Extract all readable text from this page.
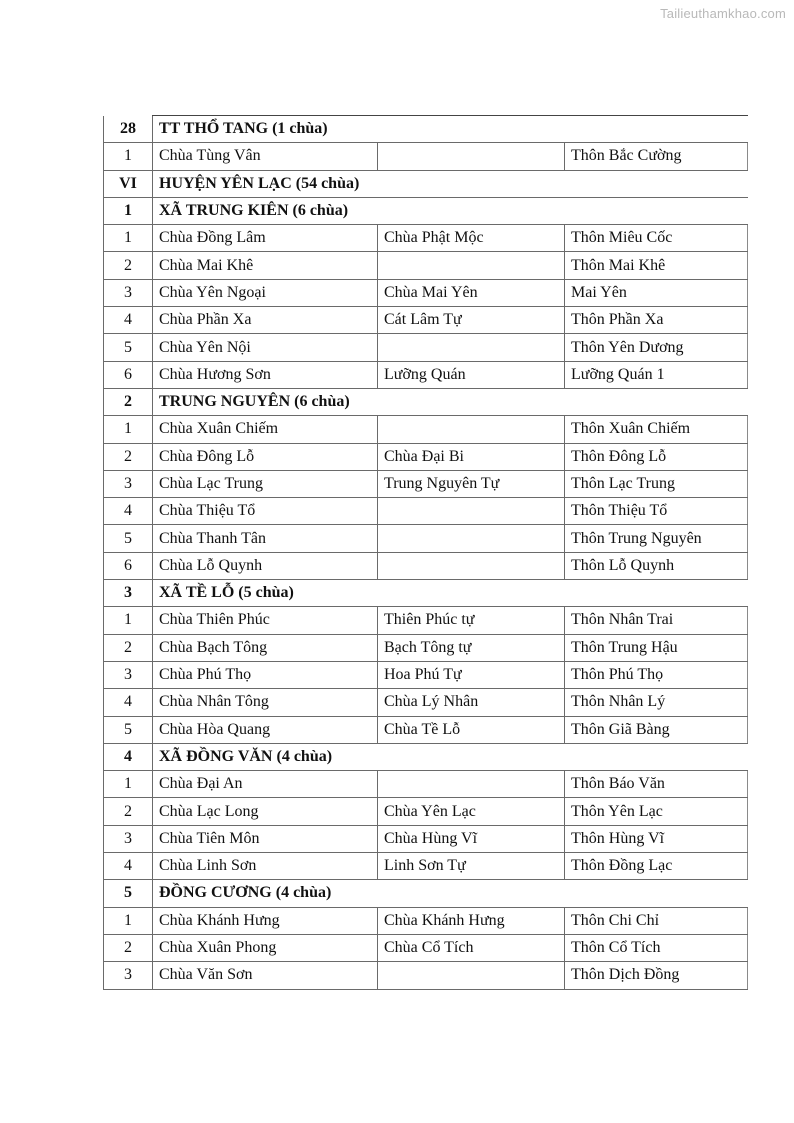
Tailieuthamkhao.com
28	TT THỔ TANG (1 chùa)		
1	Chùa Tùng Vân		Thôn Bắc Cường
VI	HUYỆN YÊN LẠC (54 chùa)		
1	XÃ TRUNG KIÊN (6 chùa)		
1	Chùa Đồng Lâm	Chùa Phật Mộc	Thôn Miêu Cốc
2	Chùa Mai Khê		Thôn Mai Khê
3	Chùa Yên Ngoại	Chùa Mai Yên	Mai Yên
4	Chùa Phần Xa	Cát Lâm Tự	Thôn Phần Xa
5	Chùa Yên Nội		Thôn Yên Dương
6	Chùa Hương Sơn	Lưỡng Quán	Lưỡng Quán 1
2	TRUNG NGUYÊN (6 chùa)		
1	Chùa Xuân Chiếm		Thôn Xuân Chiếm
2	Chùa Đông Lỗ	Chùa Đại Bi	Thôn Đông Lỗ
3	Chùa Lạc Trung	Trung Nguyên Tự	Thôn Lạc Trung
4	Chùa Thiệu Tổ		Thôn Thiệu Tổ
5	Chùa Thanh Tân		Thôn Trung Nguyên
6	Chùa Lỗ Quynh		Thôn Lỗ Quynh
3	XÃ TỀ LỖ (5 chùa)		
1	Chùa Thiên Phúc	Thiên Phúc tự	Thôn Nhân Trai
2	Chùa Bạch Tông	Bạch Tông tự	Thôn Trung Hậu
3	Chùa Phú Thọ	Hoa Phú Tự	Thôn Phú Thọ
4	Chùa Nhân Tông	Chùa Lý Nhân	Thôn Nhân Lý
5	Chùa Hòa Quang	Chùa Tề Lỗ	Thôn Giã Bàng
4	XÃ ĐỒNG VĂN (4 chùa)		
1	Chùa Đại An		Thôn Báo Văn
2	Chùa Lạc Long	Chùa Yên Lạc	Thôn Yên Lạc
3	Chùa Tiên Môn	Chùa Hùng Vĩ	Thôn Hùng Vĩ
4	Chùa Linh Sơn	Linh Sơn Tự	Thôn Đồng Lạc
5	ĐỒNG CƯƠNG (4 chùa)		
1	Chùa Khánh Hưng	Chùa Khánh Hưng	Thôn Chi Chỉ
2	Chùa Xuân Phong	Chùa Cổ Tích	Thôn Cổ Tích
3	Chùa Văn Sơn		Thôn Dịch Đồng
